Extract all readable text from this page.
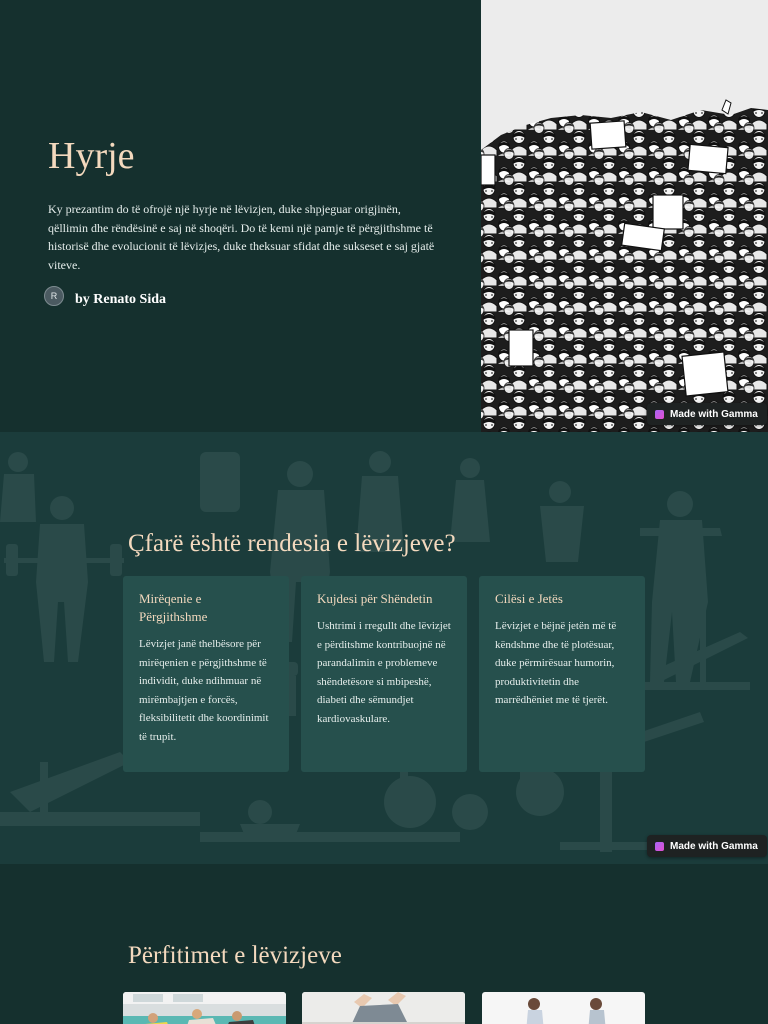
Hyrje

Ky prezantim do të ofrojë një hyrje në lëvizjen, duke shpjeguar origjinën, qëllimin dhe rëndësinë e saj në shoqëri. Do të kemi një pamje të përgjithshme të historisë dhe evolucionit të lëvizjes, duke theksuar sfidat dhe sukseset e saj gjatë viteve.

R	by Renato Sida
Made with Gamma
Çfarë është rendesia e lëvizjeve?
Mirëqenie e Përgjithshme

Lëvizjet janë thelbësore për mirëqenien e përgjithshme të individit, duke ndihmuar në mirëmbajtjen e forcës, fleksibilitetit dhe koordinimit të trupit.

Kujdesi për Shëndetin

Ushtrimi i rregullt dhe lëvizjet e përditshme kontribuojnë në parandalimin e problemeve shëndetësore si mbipeshë, diabeti dhe sëmundjet kardiovaskulare.

Cilësi e Jetës

Lëvizjet e bëjnë jetën më të këndshme dhe të plotësuar, duke përmirësuar humorin, produktivitetin dhe marrëdhëniet me të tjerët.

Made with Gamma
Përfitimet e lëvizjeve
